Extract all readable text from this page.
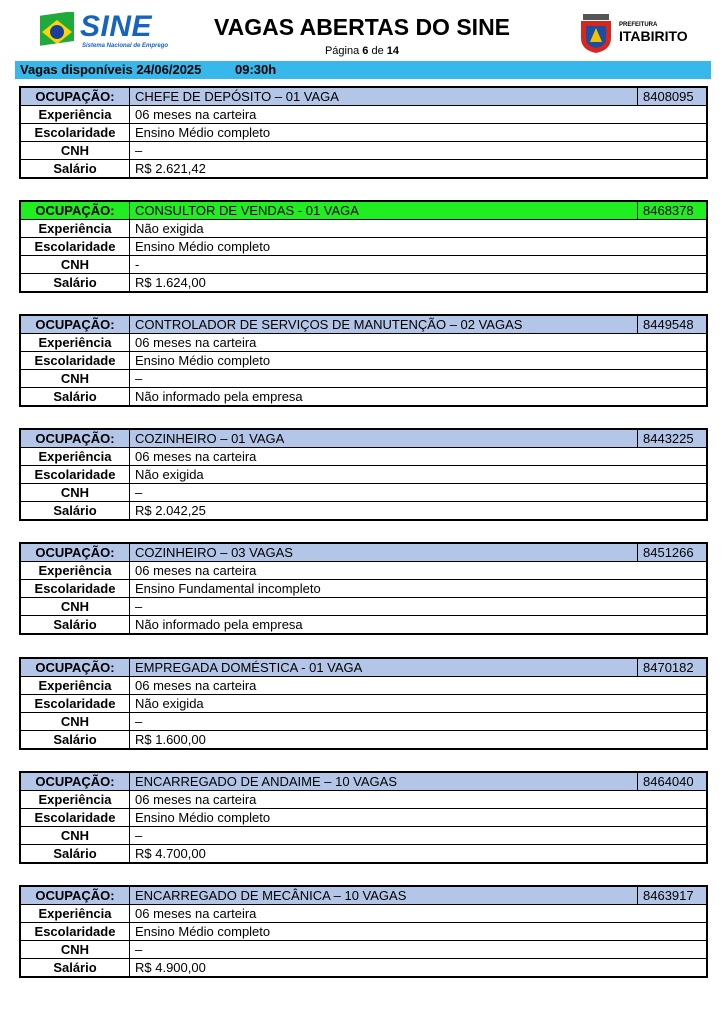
SINE
Sistema Nacional de Emprego
VAGAS ABERTAS DO SINE
Página 6 de 14
PREFEITURA
ITABIRITO
Vagas disponíveis 24/06/2025	09:30h
OCUPAÇÃO:	CHEFE DE DEPÓSITO – 01 VAGA	8408095
Experiência	06 meses na carteira	
Escolaridade	Ensino Médio completo	
CNH	–	
Salário	R$ 2.621,42	
OCUPAÇÃO:	CONSULTOR DE VENDAS - 01 VAGA	8468378
Experiência	Não exigida	
Escolaridade	Ensino Médio completo	
CNH	-	
Salário	R$ 1.624,00	
OCUPAÇÃO:	CONTROLADOR DE SERVIÇOS DE MANUTENÇÃO – 02 VAGAS	8449548
Experiência	06 meses na carteira	
Escolaridade	Ensino Médio completo	
CNH	–	
Salário	Não informado pela empresa	
OCUPAÇÃO:	COZINHEIRO – 01 VAGA	8443225
Experiência	06 meses na carteira	
Escolaridade	Não exigida	
CNH	–	
Salário	R$ 2.042,25	
OCUPAÇÃO:	COZINHEIRO – 03 VAGAS	8451266
Experiência	06 meses na carteira	
Escolaridade	Ensino Fundamental incompleto	
CNH	–	
Salário	Não informado pela empresa	
OCUPAÇÃO:	EMPREGADA DOMÉSTICA - 01 VAGA	8470182
Experiência	06 meses na carteira	
Escolaridade	Não exigida	
CNH	–	
Salário	R$ 1.600,00	
OCUPAÇÃO:	ENCARREGADO DE ANDAIME – 10 VAGAS	8464040
Experiência	06 meses na carteira	
Escolaridade	Ensino Médio completo	
CNH	–	
Salário	R$ 4.700,00	
OCUPAÇÃO:	ENCARREGADO DE MECÂNICA – 10 VAGAS	8463917
Experiência	06 meses na carteira	
Escolaridade	Ensino Médio completo	
CNH	–	
Salário	R$ 4.900,00	
